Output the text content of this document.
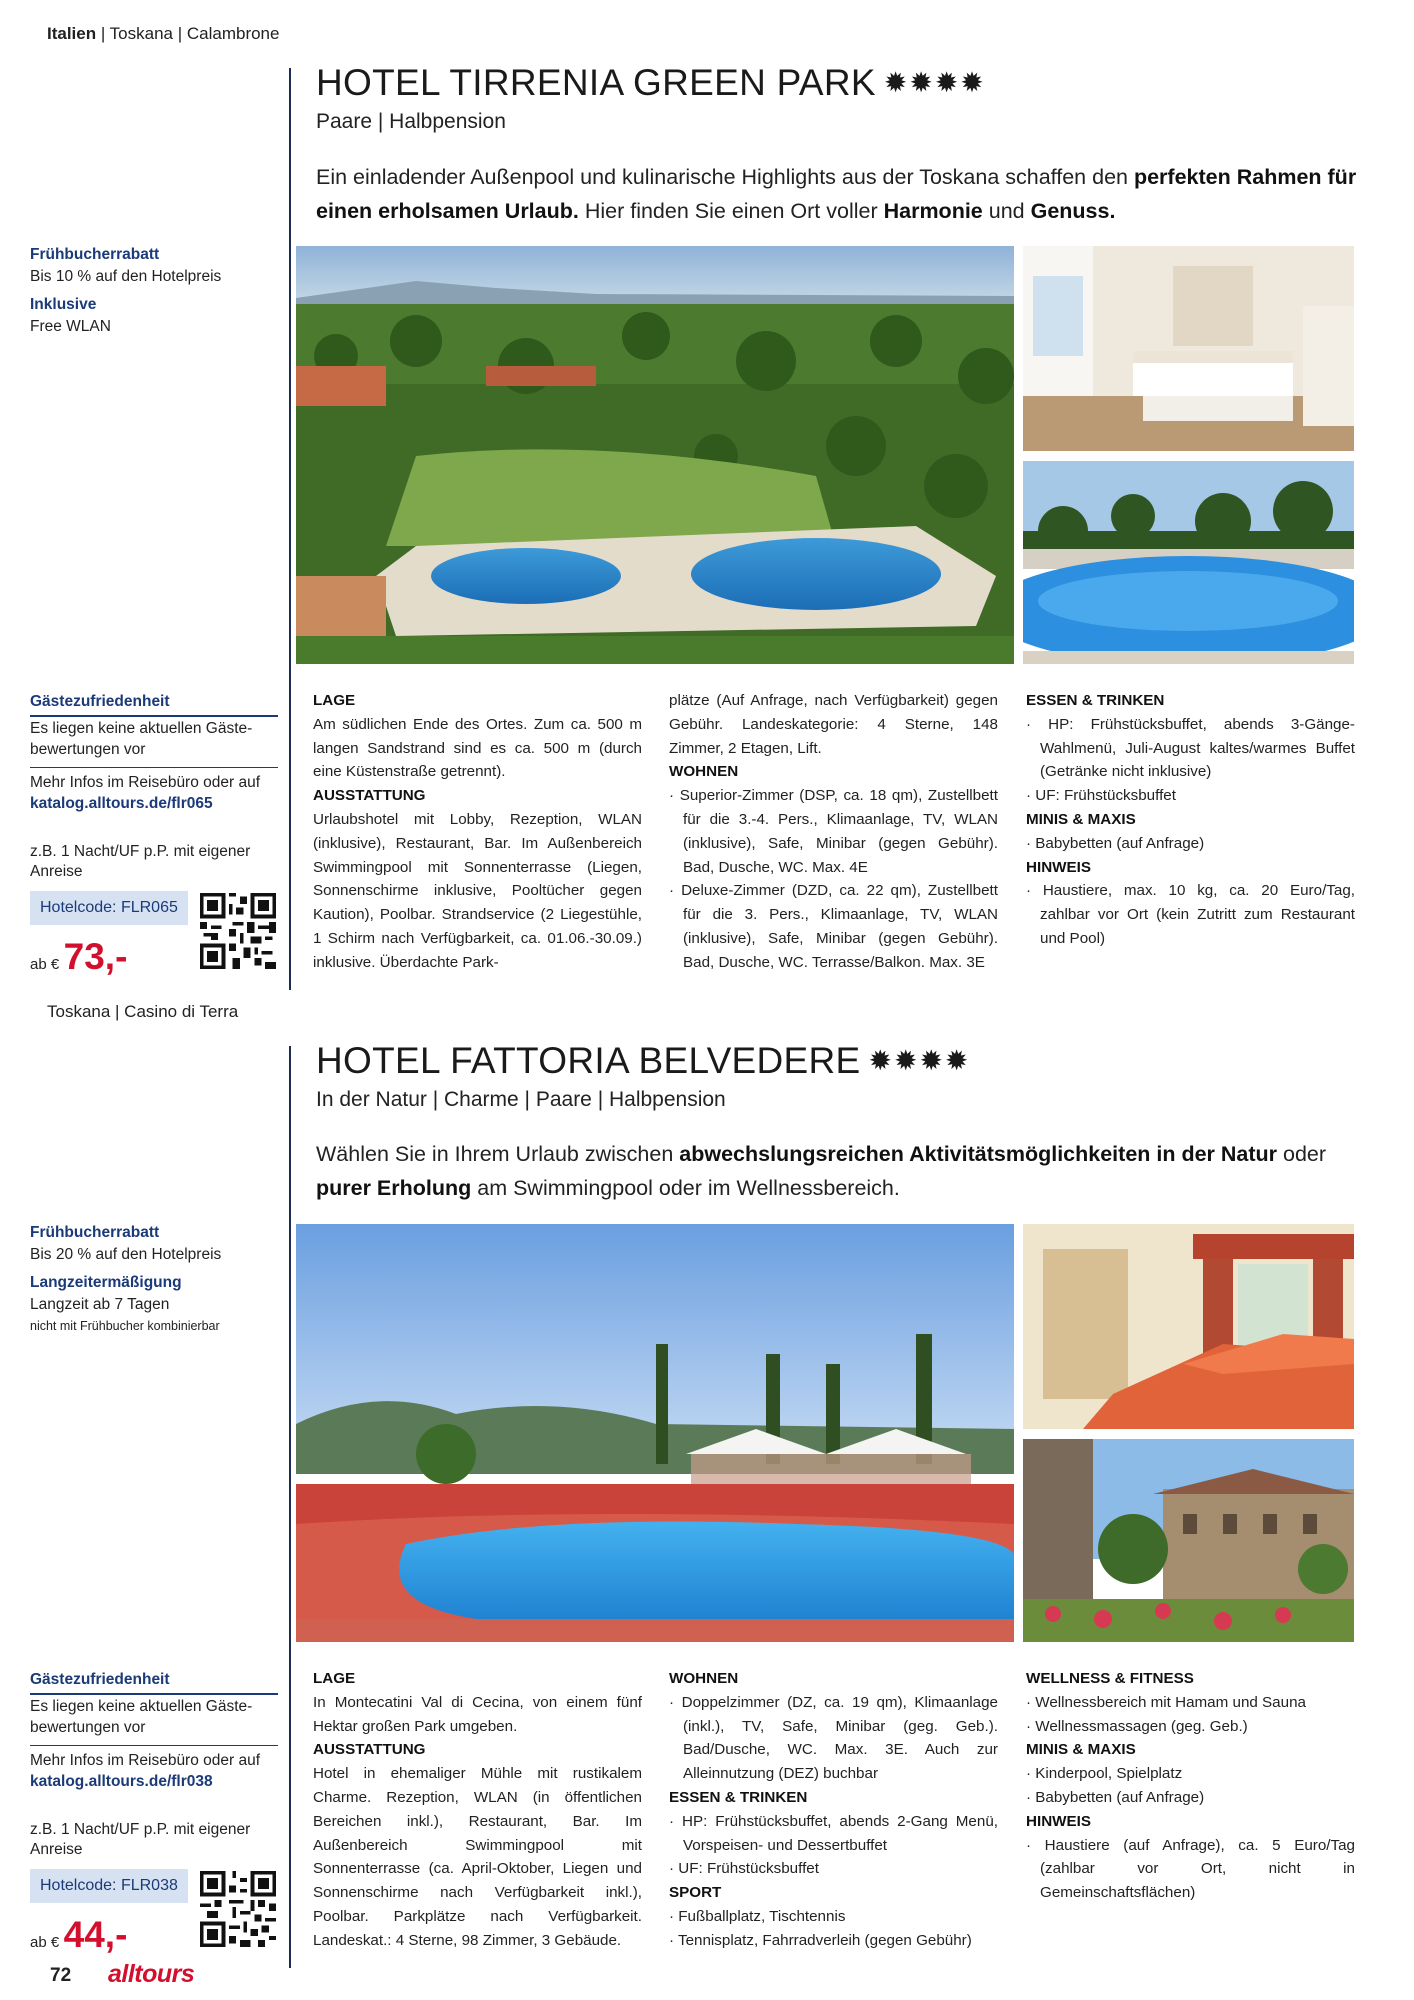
Italien | Toskana | Calambrone
HOTEL TIRRENIA GREEN PARK ✹✹✹✹
Paare | Halbpension
Ein einladender Außenpool und kulinarische Highlights aus der Toskana schaffen den perfekten Rahmen für einen erholsamen Urlaub. Hier finden Sie einen Ort voller Harmonie und Genuss.
Frühbucherrabatt
Bis 10 % auf den Hotelpreis
Inklusive
Free WLAN
Gästezufriedenheit
Es liegen keine aktuellen Gäste-
bewertungen vor
Mehr Infos im Reisebüro oder auf
katalog.alltours.de/flr065
z.B. 1 Nacht/UF p.P. mit eigener
Anreise
Hotelcode: FLR065
ab € 73,-
LAGE
Am südlichen Ende des Ortes. Zum ca. 500 m langen Sandstrand sind es ca. 500 m (durch eine Küstenstraße getrennt).
AUSSTATTUNG
Urlaubshotel mit Lobby, Rezeption, WLAN (inklusive), Restaurant, Bar. Im Außenbereich Swimmingpool mit Sonnenterrasse (Liegen, Sonnenschirme inklusive, Pooltücher gegen Kaution), Poolbar. Strandservice (2 Liegestühle, 1 Schirm nach Verfügbarkeit, ca. 01.06.-30.09.) inklusive. Überdachte Park-
plätze (Auf Anfrage, nach Verfügbarkeit) gegen Gebühr. Landeskategorie: 4 Sterne, 148 Zimmer, 2 Etagen, Lift.
WOHNEN
· Superior-Zimmer (DSP, ca. 18 qm), Zustellbett für die 3.-4. Pers., Klimaanlage, TV, WLAN (inklusive), Safe, Minibar (gegen Gebühr). Bad, Dusche, WC. Max. 4E
· Deluxe-Zimmer (DZD, ca. 22 qm), Zustellbett für die 3. Pers., Klimaanlage, TV, WLAN (inklusive), Safe, Minibar (gegen Gebühr). Bad, Dusche, WC. Terrasse/Balkon. Max. 3E
ESSEN & TRINKEN
· HP: Frühstücksbuffet, abends 3-Gänge-Wahlmenü, Juli-August kaltes/warmes Buffet (Getränke nicht inklusive)
· UF: Frühstücksbuffet
MINIS & MAXIS
· Babybetten (auf Anfrage)
HINWEIS
· Haustiere, max. 10 kg, ca. 20 Euro/Tag, zahlbar vor Ort (kein Zutritt zum Restaurant und Pool)
Toskana | Casino di Terra
HOTEL FATTORIA BELVEDERE ✹✹✹✹
In der Natur | Charme | Paare | Halbpension
Wählen Sie in Ihrem Urlaub zwischen abwechslungsreichen Aktivitätsmöglichkeiten in der Natur oder purer Erholung am Swimmingpool oder im Wellnessbereich.
Frühbucherrabatt
Bis 20 % auf den Hotelpreis
Langzeitermäßigung
Langzeit ab 7 Tagen
nicht mit Frühbucher kombinierbar
Gästezufriedenheit
Es liegen keine aktuellen Gäste-
bewertungen vor
Mehr Infos im Reisebüro oder auf
katalog.alltours.de/flr038
z.B. 1 Nacht/UF p.P. mit eigener
Anreise
Hotelcode: FLR038
ab € 44,-
LAGE
In Montecatini Val di Cecina, von einem fünf Hektar großen Park umgeben.
AUSSTATTUNG
Hotel in ehemaliger Mühle mit rustikalem Charme. Rezeption, WLAN (in öffentlichen Bereichen inkl.), Restaurant, Bar. Im Außenbereich Swimmingpool mit Sonnenterrasse (ca. April-Oktober, Liegen und Sonnenschirme nach Verfügbarkeit inkl.), Poolbar. Parkplätze nach Verfügbarkeit. Landeskat.: 4 Sterne, 98 Zimmer, 3 Gebäude.
WOHNEN
· Doppelzimmer (DZ, ca. 19 qm), Klimaanlage (inkl.), TV, Safe, Minibar (geg. Geb.). Bad/Dusche, WC. Max. 3E. Auch zur Alleinnutzung (DEZ) buchbar
ESSEN & TRINKEN
· HP: Frühstücksbuffet, abends 2-Gang Menü, Vorspeisen- und Dessertbuffet
· UF: Frühstücksbuffet
SPORT
· Fußballplatz, Tischtennis
· Tennisplatz, Fahrradverleih (gegen Gebühr)
WELLNESS & FITNESS
· Wellnessbereich mit Hamam und Sauna
· Wellnessmassagen (geg. Geb.)
MINIS & MAXIS
· Kinderpool, Spielplatz
· Babybetten (auf Anfrage)
HINWEIS
· Haustiere (auf Anfrage), ca. 5 Euro/Tag (zahlbar vor Ort, nicht in Gemeinschaftsflächen)
72 alltours
